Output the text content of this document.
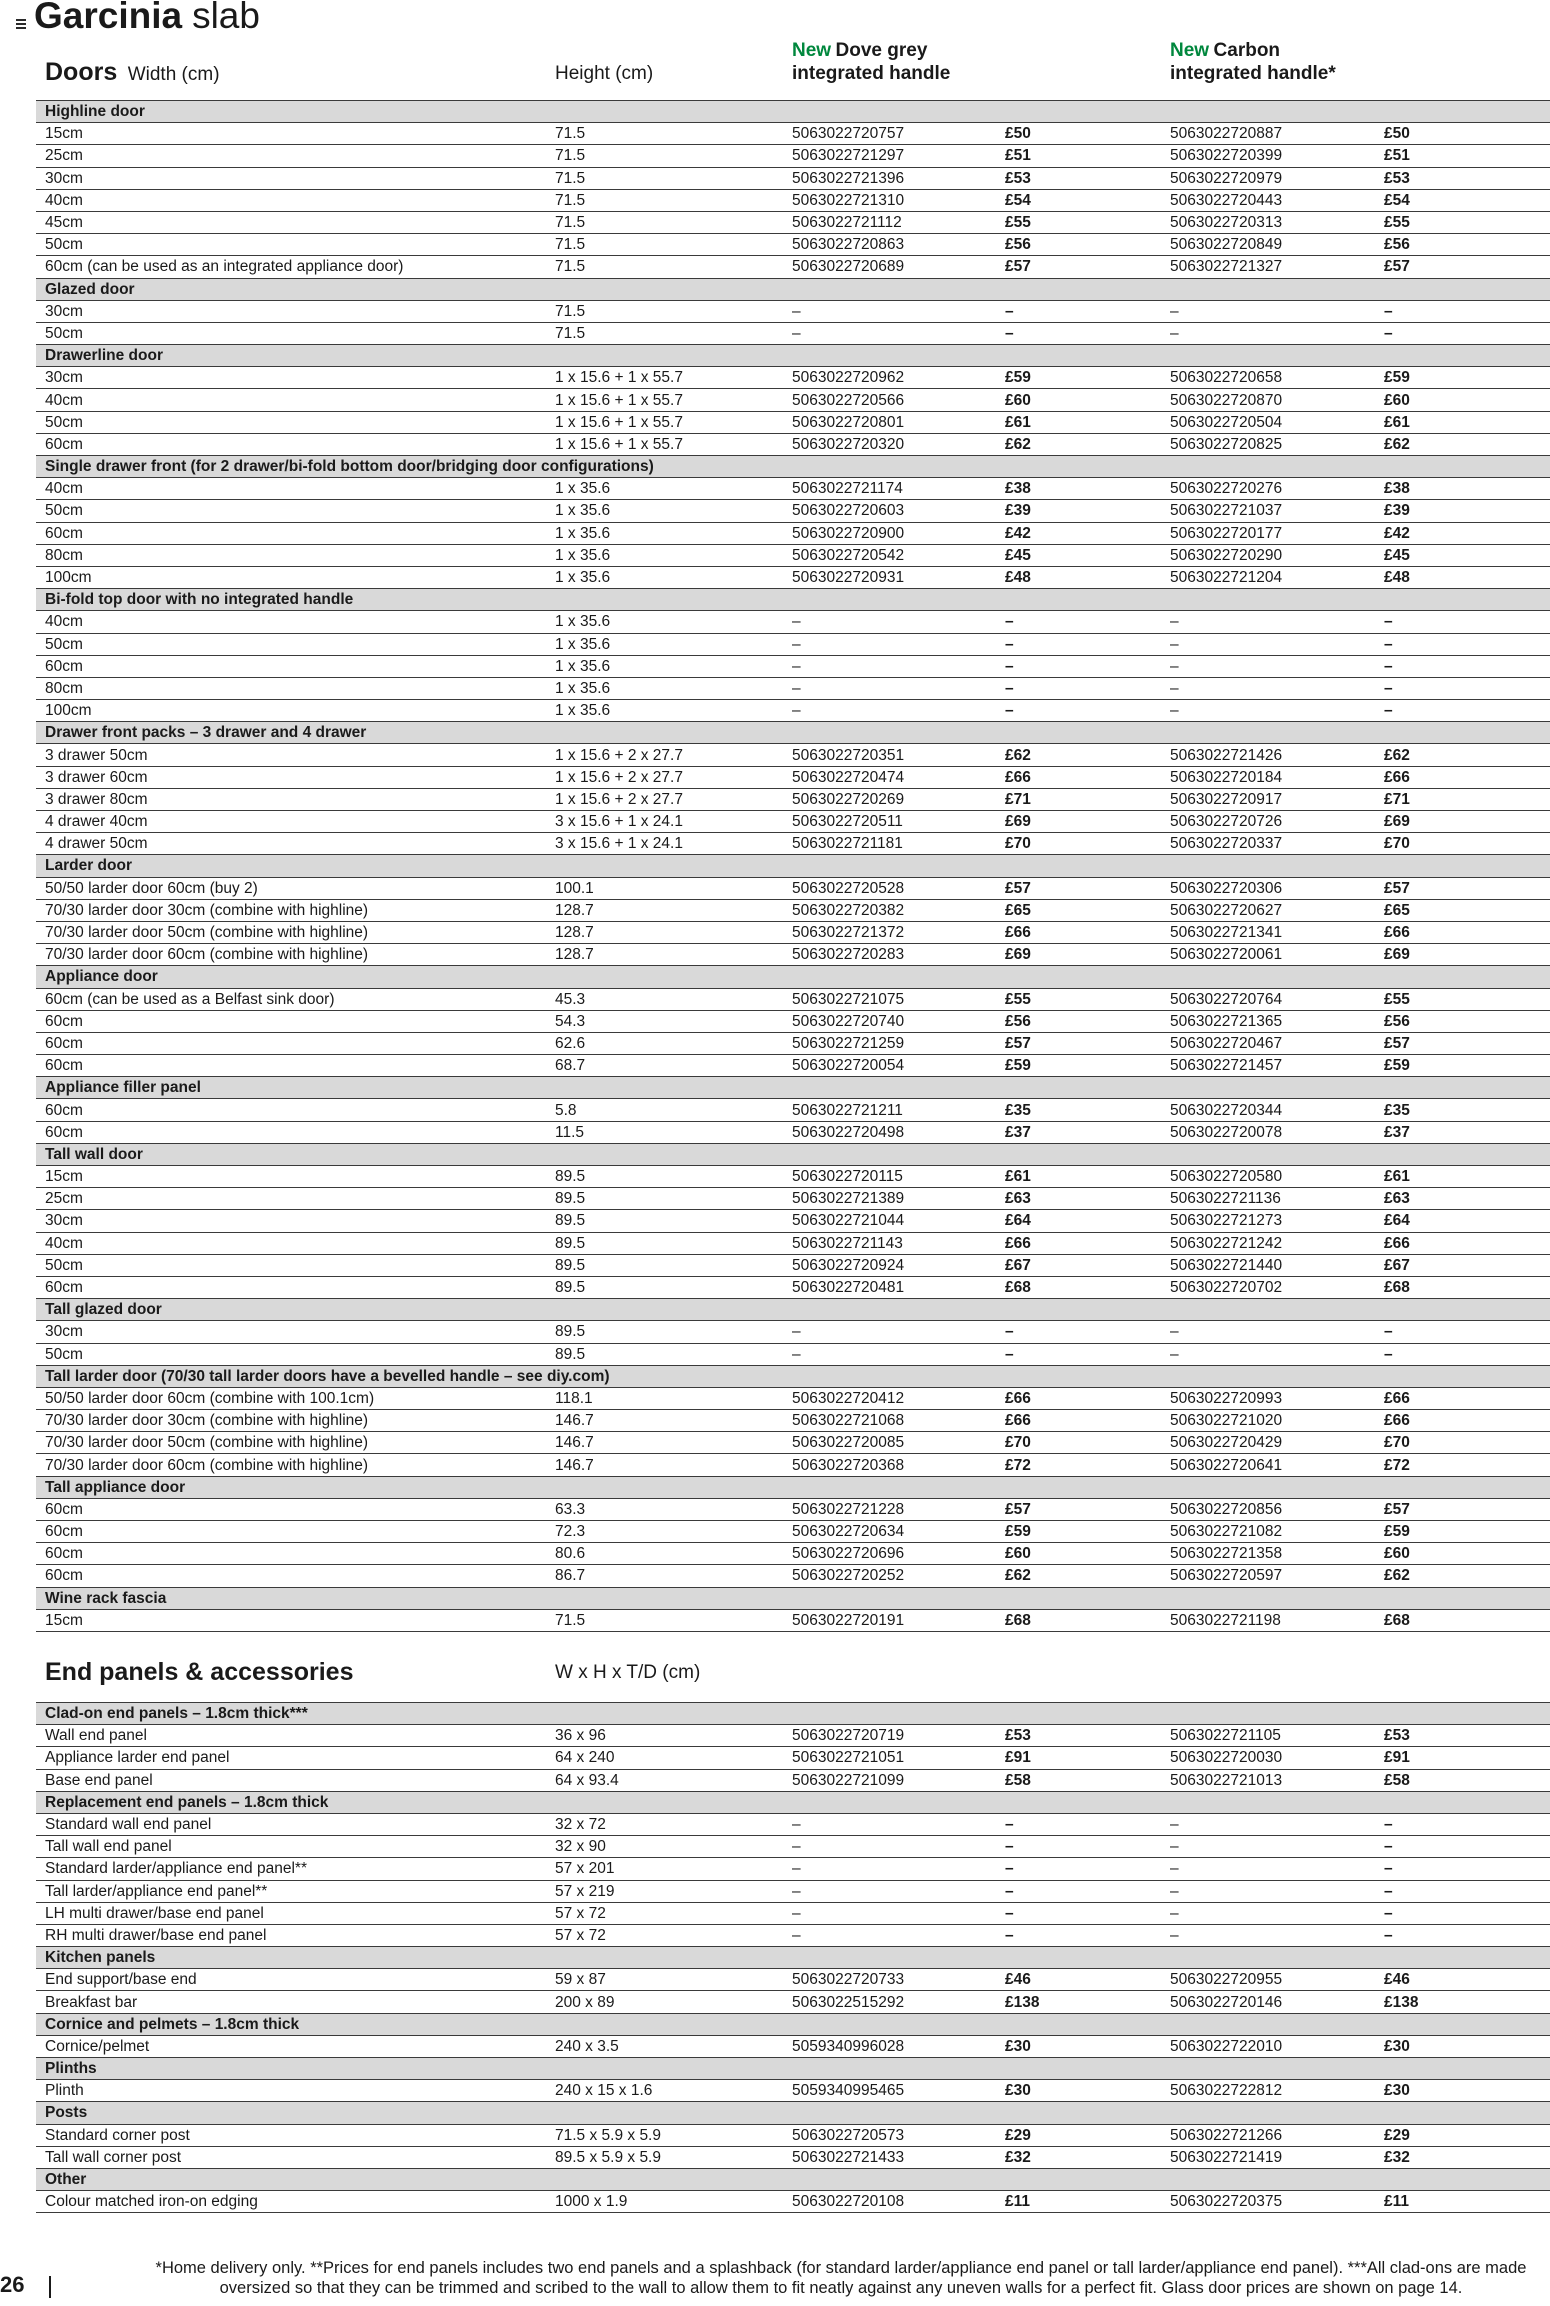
Garcinia slab
Doors Width (cm)	Height (cm)
New Dove grey
integrated handle
New Carbon
integrated handle*
Highline door					
15cm	71.5	5063022720757	£50	5063022720887	£50
25cm	71.5	5063022721297	£51	5063022720399	£51
30cm	71.5	5063022721396	£53	5063022720979	£53
40cm	71.5	5063022721310	£54	5063022720443	£54
45cm	71.5	5063022721112	£55	5063022720313	£55
50cm	71.5	5063022720863	£56	5063022720849	£56
60cm (can be used as an integrated appliance door)	71.5	5063022720689	£57	5063022721327	£57
Glazed door					
30cm	71.5	–	–	–	–
50cm	71.5	–	–	–	–
Drawerline door					
30cm	1 x 15.6 + 1 x 55.7	5063022720962	£59	5063022720658	£59
40cm	1 x 15.6 + 1 x 55.7	5063022720566	£60	5063022720870	£60
50cm	1 x 15.6 + 1 x 55.7	5063022720801	£61	5063022720504	£61
60cm	1 x 15.6 + 1 x 55.7	5063022720320	£62	5063022720825	£62
Single drawer front (for 2 drawer/bi-fold bottom door/bridging door configurations)					
40cm	1 x 35.6	5063022721174	£38	5063022720276	£38
50cm	1 x 35.6	5063022720603	£39	5063022721037	£39
60cm	1 x 35.6	5063022720900	£42	5063022720177	£42
80cm	1 x 35.6	5063022720542	£45	5063022720290	£45
100cm	1 x 35.6	5063022720931	£48	5063022721204	£48
Bi-fold top door with no integrated handle					
40cm	1 x 35.6	–	–	–	–
50cm	1 x 35.6	–	–	–	–
60cm	1 x 35.6	–	–	–	–
80cm	1 x 35.6	–	–	–	–
100cm	1 x 35.6	–	–	–	–
Drawer front packs – 3 drawer and 4 drawer					
3 drawer 50cm	1 x 15.6 + 2 x 27.7	5063022720351	£62	5063022721426	£62
3 drawer 60cm	1 x 15.6 + 2 x 27.7	5063022720474	£66	5063022720184	£66
3 drawer 80cm	1 x 15.6 + 2 x 27.7	5063022720269	£71	5063022720917	£71
4 drawer 40cm	3 x 15.6 + 1 x 24.1	5063022720511	£69	5063022720726	£69
4 drawer 50cm	3 x 15.6 + 1 x 24.1	5063022721181	£70	5063022720337	£70
Larder door					
50/50 larder door 60cm (buy 2)	100.1	5063022720528	£57	5063022720306	£57
70/30 larder door 30cm (combine with highline)	128.7	5063022720382	£65	5063022720627	£65
70/30 larder door 50cm (combine with highline)	128.7	5063022721372	£66	5063022721341	£66
70/30 larder door 60cm (combine with highline)	128.7	5063022720283	£69	5063022720061	£69
Appliance door					
60cm (can be used as a Belfast sink door)	45.3	5063022721075	£55	5063022720764	£55
60cm	54.3	5063022720740	£56	5063022721365	£56
60cm	62.6	5063022721259	£57	5063022720467	£57
60cm	68.7	5063022720054	£59	5063022721457	£59
Appliance filler panel					
60cm	5.8	5063022721211	£35	5063022720344	£35
60cm	11.5	5063022720498	£37	5063022720078	£37
Tall wall door					
15cm	89.5	5063022720115	£61	5063022720580	£61
25cm	89.5	5063022721389	£63	5063022721136	£63
30cm	89.5	5063022721044	£64	5063022721273	£64
40cm	89.5	5063022721143	£66	5063022721242	£66
50cm	89.5	5063022720924	£67	5063022721440	£67
60cm	89.5	5063022720481	£68	5063022720702	£68
Tall glazed door					
30cm	89.5	–	–	–	–
50cm	89.5	–	–	–	–
Tall larder door (70/30 tall larder doors have a bevelled handle – see diy.com)					
50/50 larder door 60cm (combine with 100.1cm)	118.1	5063022720412	£66	5063022720993	£66
70/30 larder door 30cm (combine with highline)	146.7	5063022721068	£66	5063022721020	£66
70/30 larder door 50cm (combine with highline)	146.7	5063022720085	£70	5063022720429	£70
70/30 larder door 60cm (combine with highline)	146.7	5063022720368	£72	5063022720641	£72
Tall appliance door					
60cm	63.3	5063022721228	£57	5063022720856	£57
60cm	72.3	5063022720634	£59	5063022721082	£59
60cm	80.6	5063022720696	£60	5063022721358	£60
60cm	86.7	5063022720252	£62	5063022720597	£62
Wine rack fascia					
15cm	71.5	5063022720191	£68	5063022721198	£68
End panels & accessories	W x H x T/D (cm)
Clad-on end panels – 1.8cm thick***					
Wall end panel	36 x 96	5063022720719	£53	5063022721105	£53
Appliance larder end panel	64 x 240	5063022721051	£91	5063022720030	£91
Base end panel	64 x 93.4	5063022721099	£58	5063022721013	£58
Replacement end panels – 1.8cm thick					
Standard wall end panel	32 x 72	–	–	–	–
Tall wall end panel	32 x 90	–	–	–	–
Standard larder/appliance end panel**	57 x 201	–	–	–	–
Tall larder/appliance end panel**	57 x 219	–	–	–	–
LH multi drawer/base end panel	57 x 72	–	–	–	–
RH multi drawer/base end panel	57 x 72	–	–	–	–
Kitchen panels					
End support/base end	59 x 87	5063022720733	£46	5063022720955	£46
Breakfast bar	200 x 89	5063022515292	£138	5063022720146	£138
Cornice and pelmets – 1.8cm thick					
Cornice/pelmet	240 x 3.5	5059340996028	£30	5063022722010	£30
Plinths					
Plinth	240 x 15 x 1.6	5059340995465	£30	5063022722812	£30
Posts					
Standard corner post	71.5 x 5.9 x 5.9	5063022720573	£29	5063022721266	£29
Tall wall corner post	89.5 x 5.9 x 5.9	5063022721433	£32	5063022721419	£32
Other					
Colour matched iron-on edging	1000 x 1.9	5063022720108	£11	5063022720375	£11
26
*Home delivery only. **Prices for end panels includes two end panels and a splashback (for standard larder/appliance end panel or tall larder/appliance end panel). ***All clad-ons are made oversized so that they can be trimmed and scribed to the wall to allow them to fit neatly against any uneven walls for a perfect fit. Glass door prices are shown on page 14.
